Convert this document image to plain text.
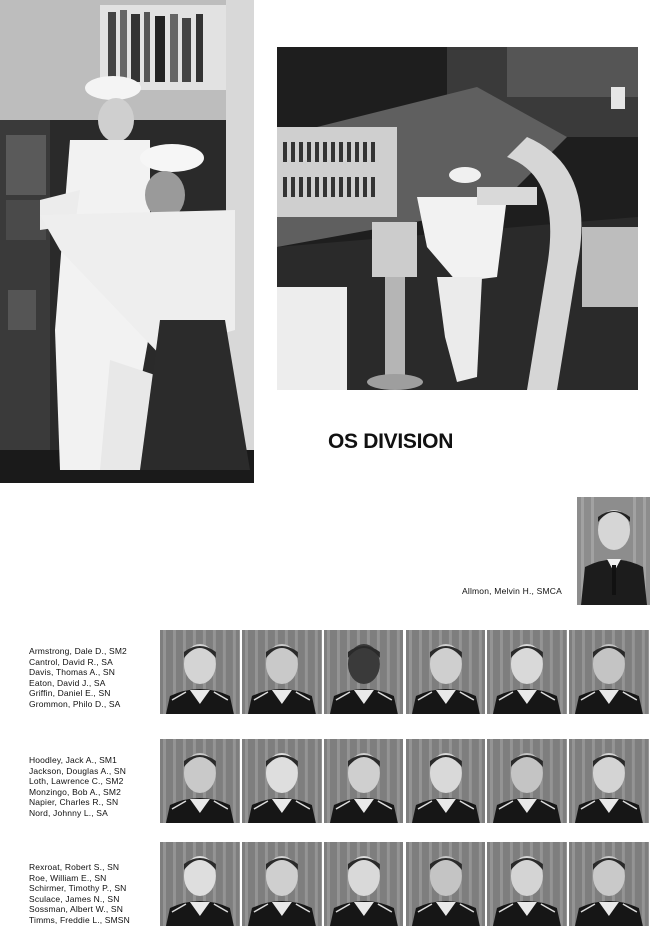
OS DIVISION
Allmon, Melvin H., SMCA
Armstrong, Dale D., SM2
Cantrol, David R., SA
Davis, Thomas A., SN
Eaton, David J., SA
Griffin, Daniel E., SN
Grommon, Philo D., SA
Hoodley, Jack A., SM1
Jackson, Douglas A., SN
Loth, Lawrence C., SM2
Monzingo, Bob A., SM2
Napier, Charles R., SN
Nord, Johnny L., SA
Rexroat, Robert S., SN
Roe, William E., SN
Schirmer, Timothy P., SN
Sculace, James N., SN
Sossman, Albert W., SN
Timms, Freddie L., SMSN
